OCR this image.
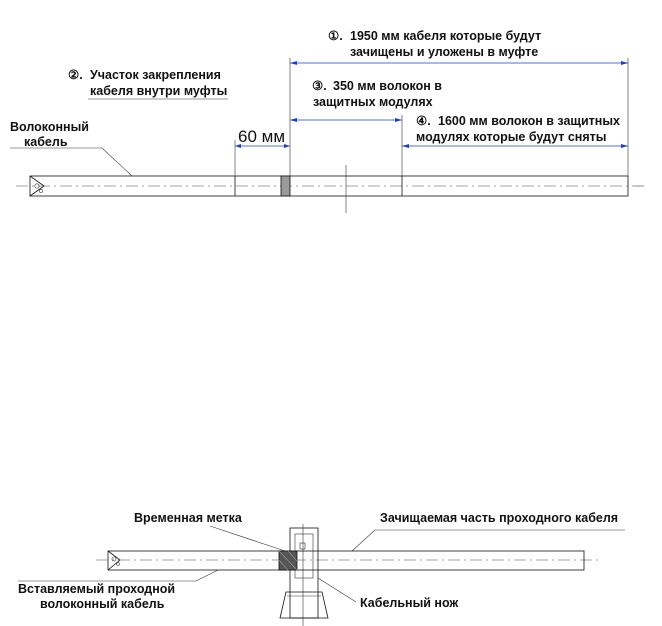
①. 1950 мм кабеля которые будут
зачищены и уложены в муфте
②. Участок закрепления
кабеля внутри муфты	③. 350 мм волокон в
защитных модулях
④. 1600 мм волокон в защитных
модулях которые будут сняты
60 мм
Волоконный
кабель
Временная метка	Зачищаемая часть проходного кабеля
Вставляемый проходной
волоконный кабель	Кабельный нож
